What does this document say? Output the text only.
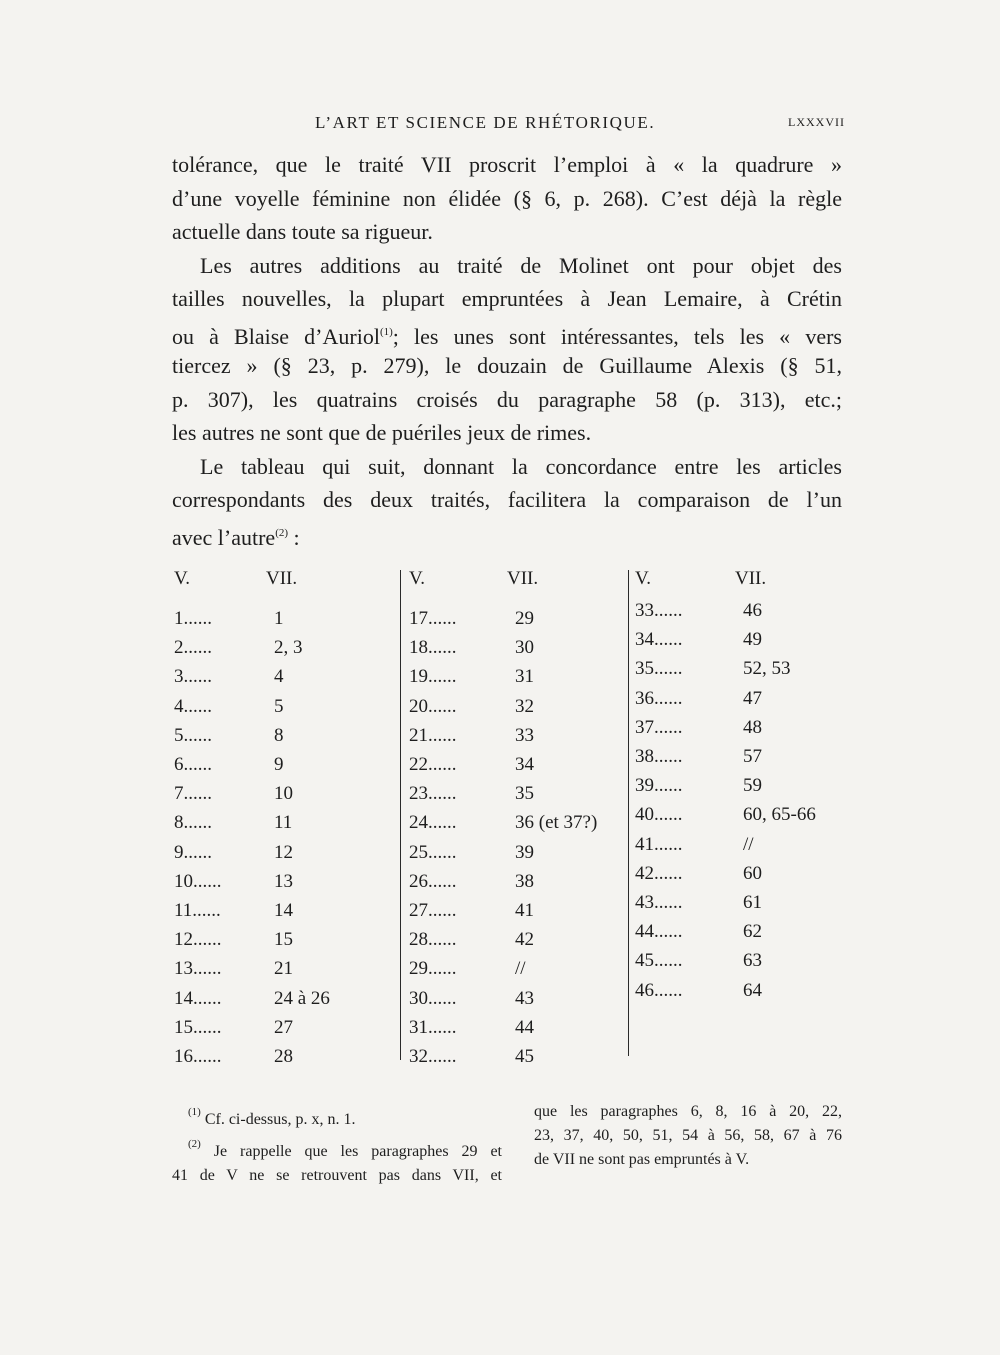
L’ART ET SCIENCE DE RHÉTORIQUE.	LXXXVII

tolérance, que le traité VII proscrit l’emploi à « la quadrure »
d’une voyelle féminine non élidée (§ 6, p. 268). C’est déjà la règle
actuelle dans toute sa rigueur.

Les autres additions au traité de Molinet ont pour objet des
tailles nouvelles, la plupart empruntées à Jean Lemaire, à Crétin
ou à Blaise d’Auriol$^{(1)}$; les unes sont intéressantes, tels les « vers
tiercez » (§ 23, p. 279), le douzain de Guillaume Alexis (§ 51,
p. 307), les quatrains croisés du paragraphe 58 (p. 313), etc.;
les autres ne sont que de puériles jeux de rimes.

Le tableau qui suit, donnant la concordance entre les articles
correspondants des deux traités, facilitera la comparaison de l’un
avec l’autre$^{(2)}$ :

V.	VII.
1......	1
2......	2, 3
3......	4
4......	5
5......	8
6......	9
7......	10
8......	11
9......	12
10......	13
11......	14
12......	15
13......	21
14......	24 à 26
15......	27
16......	28
V.	VII.
17......	29
18......	30
19......	31
20......	32
21......	33
22......	34
23......	35
24......	36 (et 37?)
25......	39
26......	38
27......	41
28......	42
29......	//
30......	43
31......	44
32......	45
V.	VII.
33......	46
34......	49
35......	52, 53
36......	47
37......	48
38......	57
39......	59
40......	60, 65-66
41......	//
42......	60
43......	61
44......	62
45......	63
46......	64

$^{(1)}$ Cf. ci-dessus, p. x, n. 1.

$^{(2)}$ Je rappelle que les paragraphes 29 et
41 de V ne se retrouvent pas dans VII, et

que les paragraphes 6, 8, 16 à 20, 22,
23, 37, 40, 50, 51, 54 à 56, 58, 67 à 76
de VII ne sont pas empruntés à V.
